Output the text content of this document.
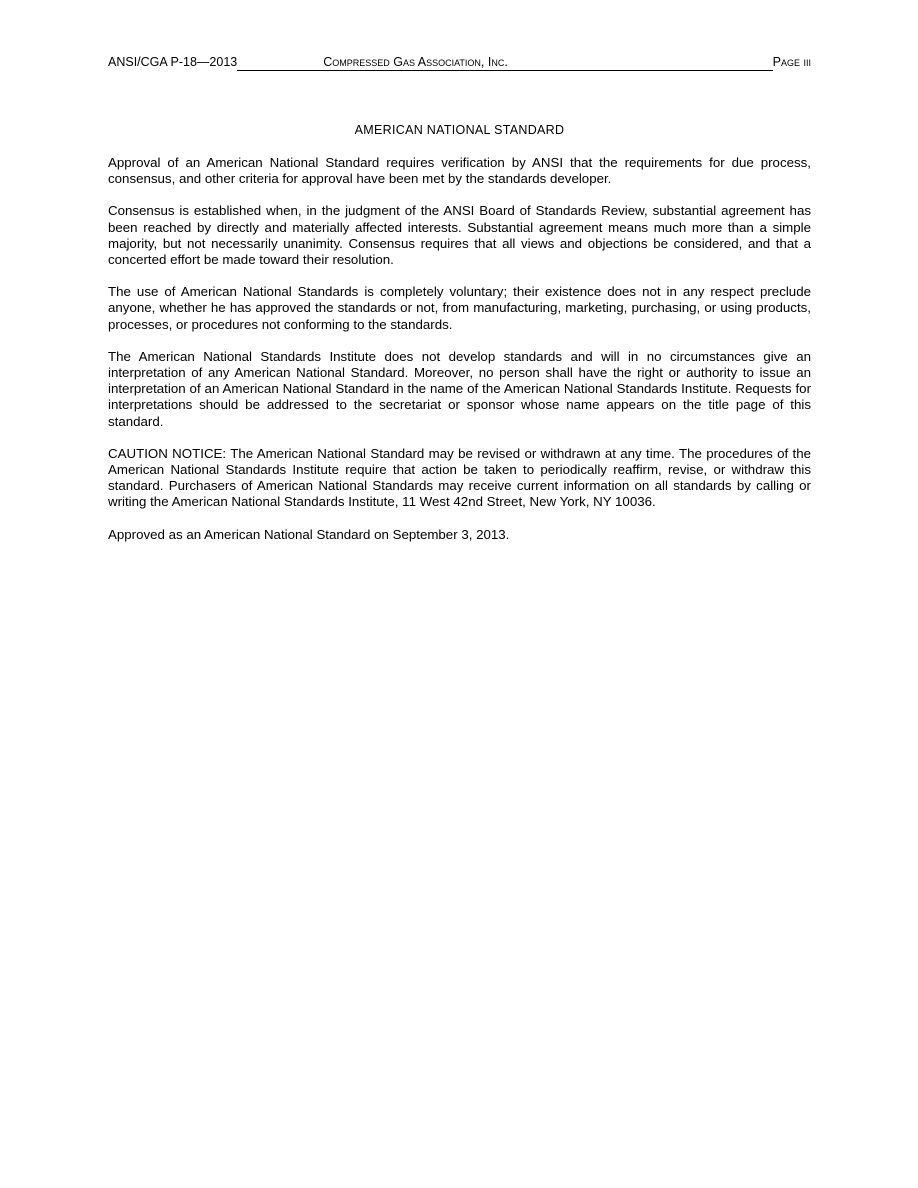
ANSI/CGA P-18—2013	Compressed Gas Association, Inc.	Page iii
AMERICAN NATIONAL STANDARD

Approval of an American National Standard requires verification by ANSI that the requirements for due process, consensus, and other criteria for approval have been met by the standards developer.

Consensus is established when, in the judgment of the ANSI Board of Standards Review, substantial agreement has been reached by directly and materially affected interests. Substantial agreement means much more than a simple majority, but not necessarily unanimity. Consensus requires that all views and objections be considered, and that a concerted effort be made toward their resolution.

The use of American National Standards is completely voluntary; their existence does not in any respect preclude anyone, whether he has approved the standards or not, from manufacturing, marketing, purchasing, or using products, processes, or procedures not conforming to the standards.

The American National Standards Institute does not develop standards and will in no circumstances give an interpretation of any American National Standard. Moreover, no person shall have the right or authority to issue an interpretation of an American National Standard in the name of the American National Standards Institute. Requests for interpretations should be addressed to the secretariat or sponsor whose name appears on the title page of this standard.

CAUTION NOTICE: The American National Standard may be revised or withdrawn at any time. The procedures of the American National Standards Institute require that action be taken to periodically reaffirm, revise, or withdraw this standard. Purchasers of American National Standards may receive current information on all standards by calling or writing the American National Standards Institute, 11 West 42nd Street, New York, NY 10036.

Approved as an American National Standard on September 3, 2013.
